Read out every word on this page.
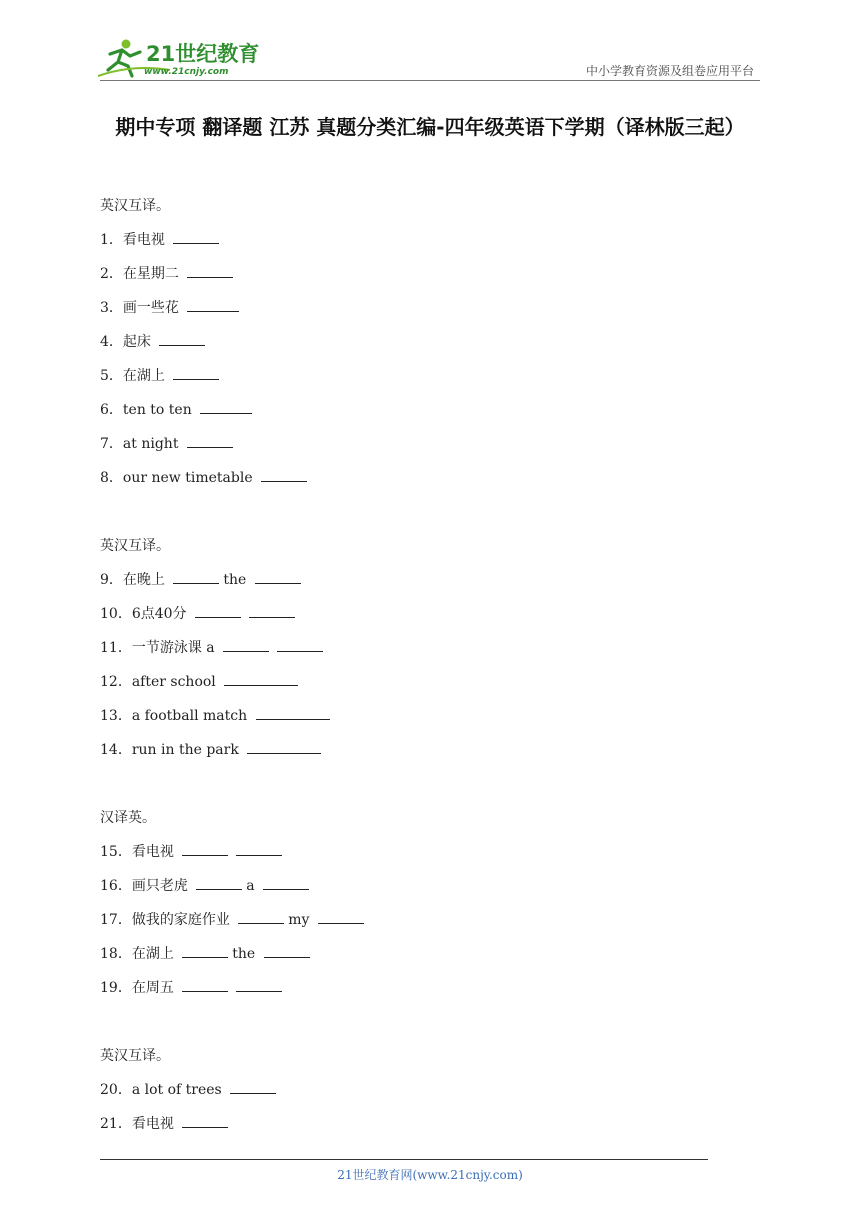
21世纪教育
www.21cnjy.com	中小学教育资源及组卷应用平台
期中专项 翻译题 江苏 真题分类汇编-四年级英语下学期（译林版三起）
英汉互译。
1．看电视
2．在星期二
3．画一些花
4．起床
5．在湖上
6．ten to ten
7．at night
8．our new timetable
英汉互译。
9．在晚上	the
10．6点40分
11．一节游泳课 a
12．after school
13．a football match
14．run in the park
汉译英。
15．看电视
16．画只老虎	a
17．做我的家庭作业	my
18．在湖上	the
19．在周五
英汉互译。
20．a lot of trees
21．看电视
21世纪教育网(www.21cnjy.com)
